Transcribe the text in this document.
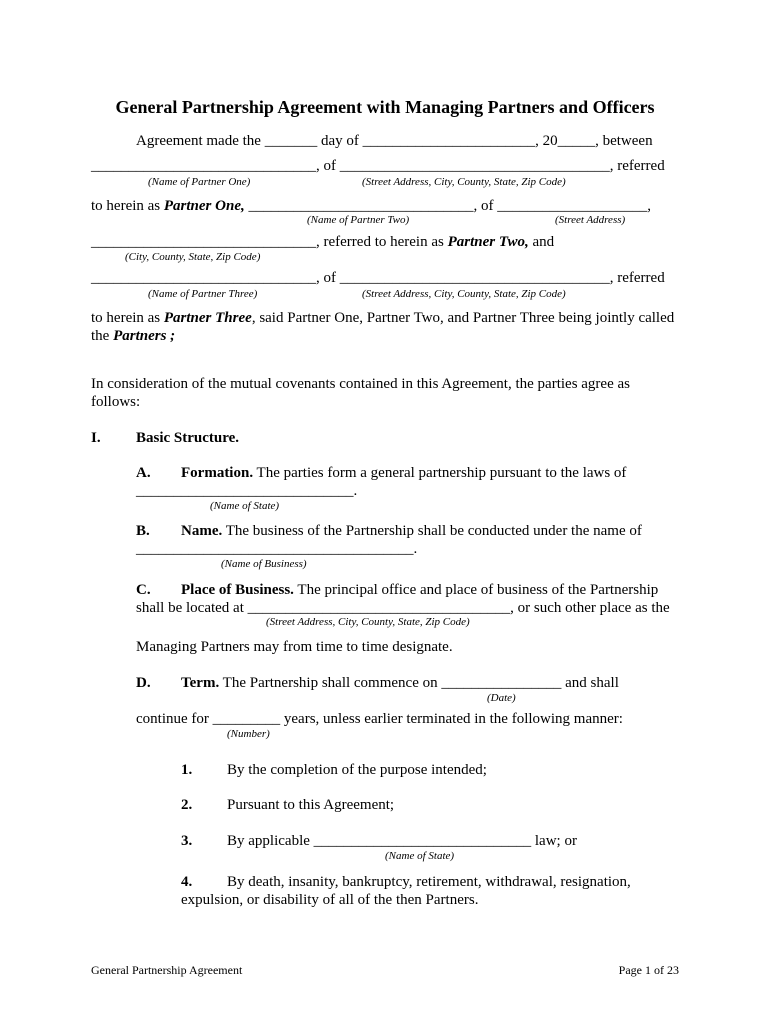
General Partnership Agreement with Managing Partners and Officers
Agreement made the _______ day of _______________________, 20_____, between
______________________________, of ____________________________________, referred
(Name of Partner One)	(Street Address, City, County, State, Zip Code)
to herein as Partner One, ______________________________, of ____________________,
(Name of Partner Two)	(Street Address)
______________________________, referred to herein as Partner Two, and
(City, County, State, Zip Code)
______________________________, of ____________________________________, referred
(Name of Partner Three)	(Street Address, City, County, State, Zip Code)
to herein as Partner Three, said Partner One, Partner Two, and Partner Three being jointly called
the Partners ;
In consideration of the mutual covenants contained in this Agreement, the parties agree as
follows:
I. Basic Structure.
A. Formation. The parties form a general partnership pursuant to the laws of
_____________________________.
(Name of State)
B. Name. The business of the Partnership shall be conducted under the name of
_____________________________________.
(Name of Business)
C. Place of Business. The principal office and place of business of the Partnership
shall be located at ___________________________________, or such other place as the
(Street Address, City, County, State, Zip Code)
Managing Partners may from time to time designate.
D. Term. The Partnership shall commence on ________________ and shall
(Date)
continue for _________ years, unless earlier terminated in the following manner:
(Number)
1. By the completion of the purpose intended;
2. Pursuant to this Agreement;
3. By applicable _____________________________ law; or
(Name of State)
4. By death, insanity, bankruptcy, retirement, withdrawal, resignation,
expulsion, or disability of all of the then Partners.
General Partnership Agreement	Page 1 of 23
